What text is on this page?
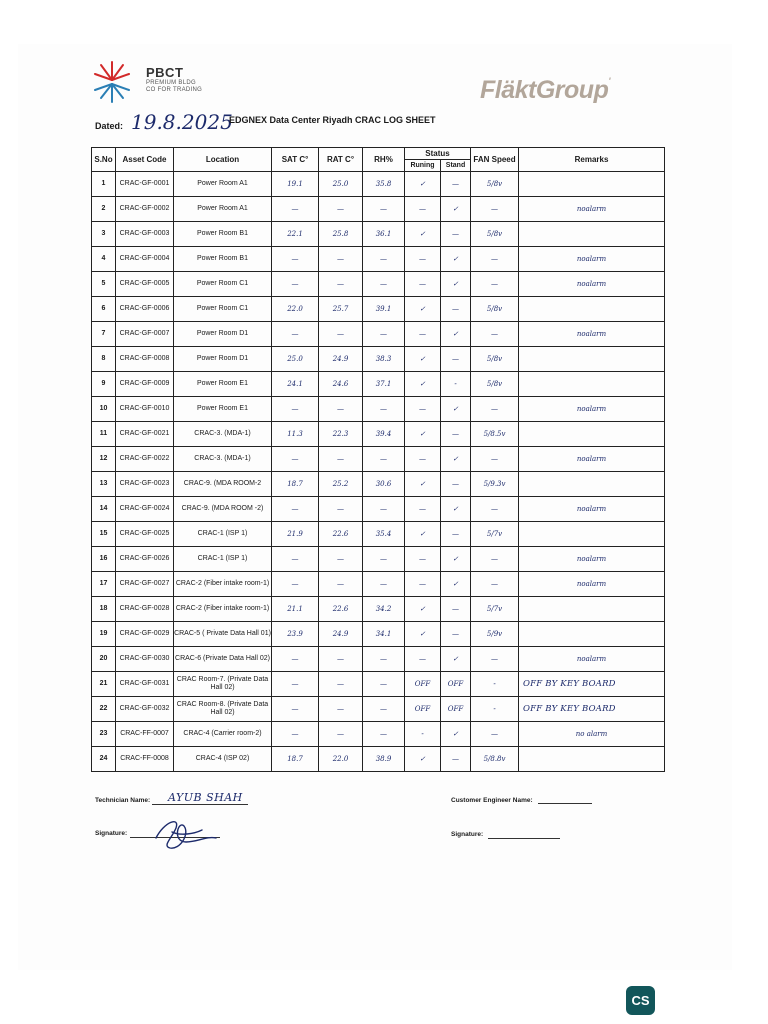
PBCT
PREMIUM BLDG
CO FOR TRADING	FläktGroup'
Dated: 19.8.2025
EDGNEX Data Center Riyadh CRAC LOG SHEET
S.No	Asset Code	Location	SAT C°	RAT C°	RH%	Status		FAN Speed	Remarks
						Runing	Stand		
1	CRAC-GF-0001	Power Room A1	19.1	25.0	35.8	✓	—	5/8v	
2	CRAC-GF-0002	Power Room A1	—	—	—	—	✓	—	noalarm
3	CRAC-GF-0003	Power Room B1	22.1	25.8	36.1	✓	—	5/8v	
4	CRAC-GF-0004	Power Room B1	—	—	—	—	✓	—	noalarm
5	CRAC-GF-0005	Power Room C1	—	—	—	—	✓	—	noalarm
6	CRAC-GF-0006	Power Room C1	22.0	25.7	39.1	✓	—	5/8v	
7	CRAC-GF-0007	Power Room D1	—	—	—	—	✓	—	noalarm
8	CRAC-GF-0008	Power Room D1	25.0	24.9	38.3	✓	—	5/8v	
9	CRAC-GF-0009	Power Room E1	24.1	24.6	37.1	✓	-	5/8v	
10	CRAC-GF-0010	Power Room E1	—	—	—	—	✓	—	noalarm
11	CRAC-GF-0021	CRAC-3. (MDA-1)	11.3	22.3	39.4	✓	—	5/8.5v	
12	CRAC-GF-0022	CRAC-3. (MDA-1)	—	—	—	—	✓	—	noalarm
13	CRAC-GF-0023	CRAC-9. (MDA ROOM-2	18.7	25.2	30.6	✓	—	5/9.3v	
14	CRAC-GF-0024	CRAC-9. (MDA ROOM -2)	—	—	—	—	✓	—	noalarm
15	CRAC-GF-0025	CRAC-1 (ISP 1)	21.9	22.6	35.4	✓	—	5/7v	
16	CRAC-GF-0026	CRAC-1 (ISP 1)	—	—	—	—	✓	—	noalarm
17	CRAC-GF-0027	CRAC-2 (Fiber intake room-1)	—	—	—	—	✓	—	noalarm
18	CRAC-GF-0028	CRAC-2 (Fiber intake room-1)	21.1	22.6	34.2	✓	—	5/7v	
19	CRAC-GF-0029	CRAC-5 ( Private Data Hall 01)	23.9	24.9	34.1	✓	—	5/9v	
20	CRAC-GF-0030	CRAC-6 (Private Data Hall 02)	—	—	—	—	✓	—	noalarm
21	CRAC-GF-0031	CRAC Room-7. (Private Data Hall 02)	—	—	—	OFF	OFF	-	OFF BY KEY BOARD
22	CRAC-GF-0032	CRAC Room-8. (Private Data Hall 02)	—	—	—	OFF	OFF	-	OFF BY KEY BOARD
23	CRAC-FF-0007	CRAC-4 (Carrier room-2)	—	—	—	-	✓	—	no alarm
24	CRAC-FF-0008	CRAC-4 (ISP 02)	18.7	22.0	38.9	✓	—	5/8.8v	
Technician Name: AYUB SHAH
Signature:
Customer Engineer Name:
Signature:
CS
